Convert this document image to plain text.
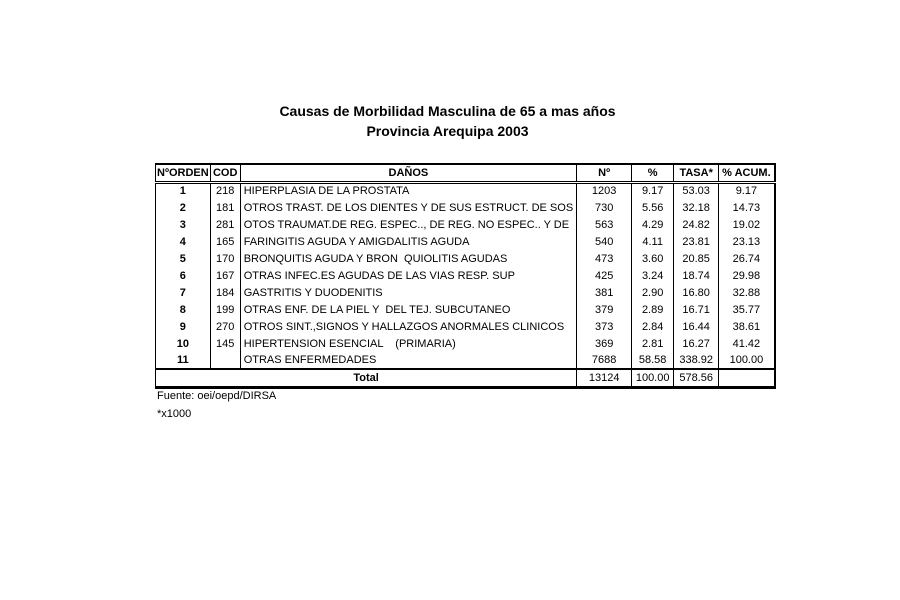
Causas de Morbilidad Masculina de 65 a mas años
Provincia Arequipa 2003
NºORDEN	COD	DAÑOS	Nº	%	TASA*	% ACUM.
1	218	HIPERPLASIA DE LA PROSTATA	1203	9.17	53.03	9.17
2	181	OTROS TRAST. DE LOS DIENTES Y DE SUS ESTRUCT. DE SOS	730	5.56	32.18	14.73
3	281	OTOS TRAUMAT.DE REG. ESPEC.., DE REG. NO ESPEC.. Y DE	563	4.29	24.82	19.02
4	165	FARINGITIS AGUDA Y AMIGDALITIS AGUDA	540	4.11	23.81	23.13
5	170	BRONQUITIS AGUDA Y BRON  QUIOLITIS AGUDAS	473	3.60	20.85	26.74
6	167	OTRAS INFEC.ES AGUDAS DE LAS VIAS RESP. SUP	425	3.24	18.74	29.98
7	184	GASTRITIS Y DUODENITIS	381	2.90	16.80	32.88
8	199	OTRAS ENF. DE LA PIEL Y  DEL TEJ. SUBCUTANEO	379	2.89	16.71	35.77
9	270	OTROS SINT.,SIGNOS Y HALLAZGOS ANORMALES CLINICOS	373	2.84	16.44	38.61
10	145	HIPERTENSION ESENCIAL    (PRIMARIA)	369	2.81	16.27	41.42
11		OTRAS ENFERMEDADES	7688	58.58	338.92	100.00
Total			13124	100.00	578.56	
Fuente: oei/oepd/DIRSA
*x1000
